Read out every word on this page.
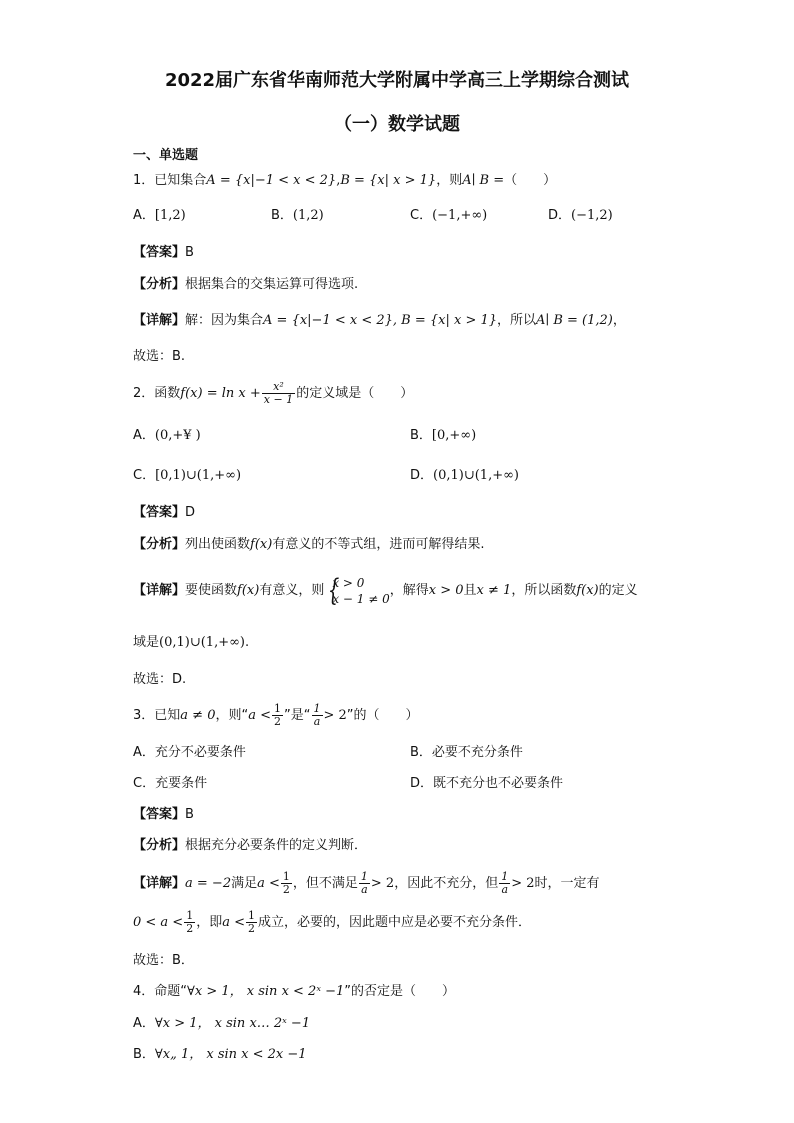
2022届广东省华南师范大学附属中学高三上学期综合测试
（一）数学试题
一、单选题
1．已知集合A = {x|−1 < x < 2},B = {x| x > 1}，则A∣ B =（　　）
A．[1,2)	B．(1,2)	C．(−1,+∞)	D．(−1,2)
【答案】B
【分析】根据集合的交集运算可得选项.
【详解】解：因为集合A = {x|−1 < x < 2}, B = {x| x > 1}，所以A∣ B = (1,2)，
故选：B.
2．函数$f(x) = \ln x + \frac{\text{x²}}{x - 1}$ 的定义域是（　　）
A．(0,+¥ )	B．[0,+∞)
C．[0,1)∪(1,+∞)	D．(0,1)∪(1,+∞)
【答案】D
【分析】列出使函数f(x)有意义的不等式组，进而可解得结果.
【详解】要使函数f(x)有意义，则 {
x > 0
x − 1 ≠ 0
，解得x > 0且x ≠ 1，所以函数f(x)的定义
域是(0,1)∪(1,+∞).
故选：D.
3．已知a ≠ 0，则“$a < \frac{1}{2}$ ”是“ $\frac{1}{a} > 2$”的（　　）
A．充分不必要条件	B．必要不充分条件
C．充要条件	D．既不充分也不必要条件
【答案】B
【分析】根据充分必要条件的定义判断．
【详解】a = −2满足$a < \frac{1}{2}$ ，但不满足 $\frac{1}{a} > 2$，因此不充分，但 $\frac{1}{a} > 2$时，一定有
$0 < a < \frac{1}{2}$ ，即$a < \frac{1}{2}$ 成立，必要的，因此题中应是必要不充分条件．
故选：B．
4．命题“∀x > 1， x sin x < 2ˣ −1”的否定是（　　）
A．∀x > 1， x sin x… 2ˣ −1
B．∀x„ 1， x sin x < 2x −1
